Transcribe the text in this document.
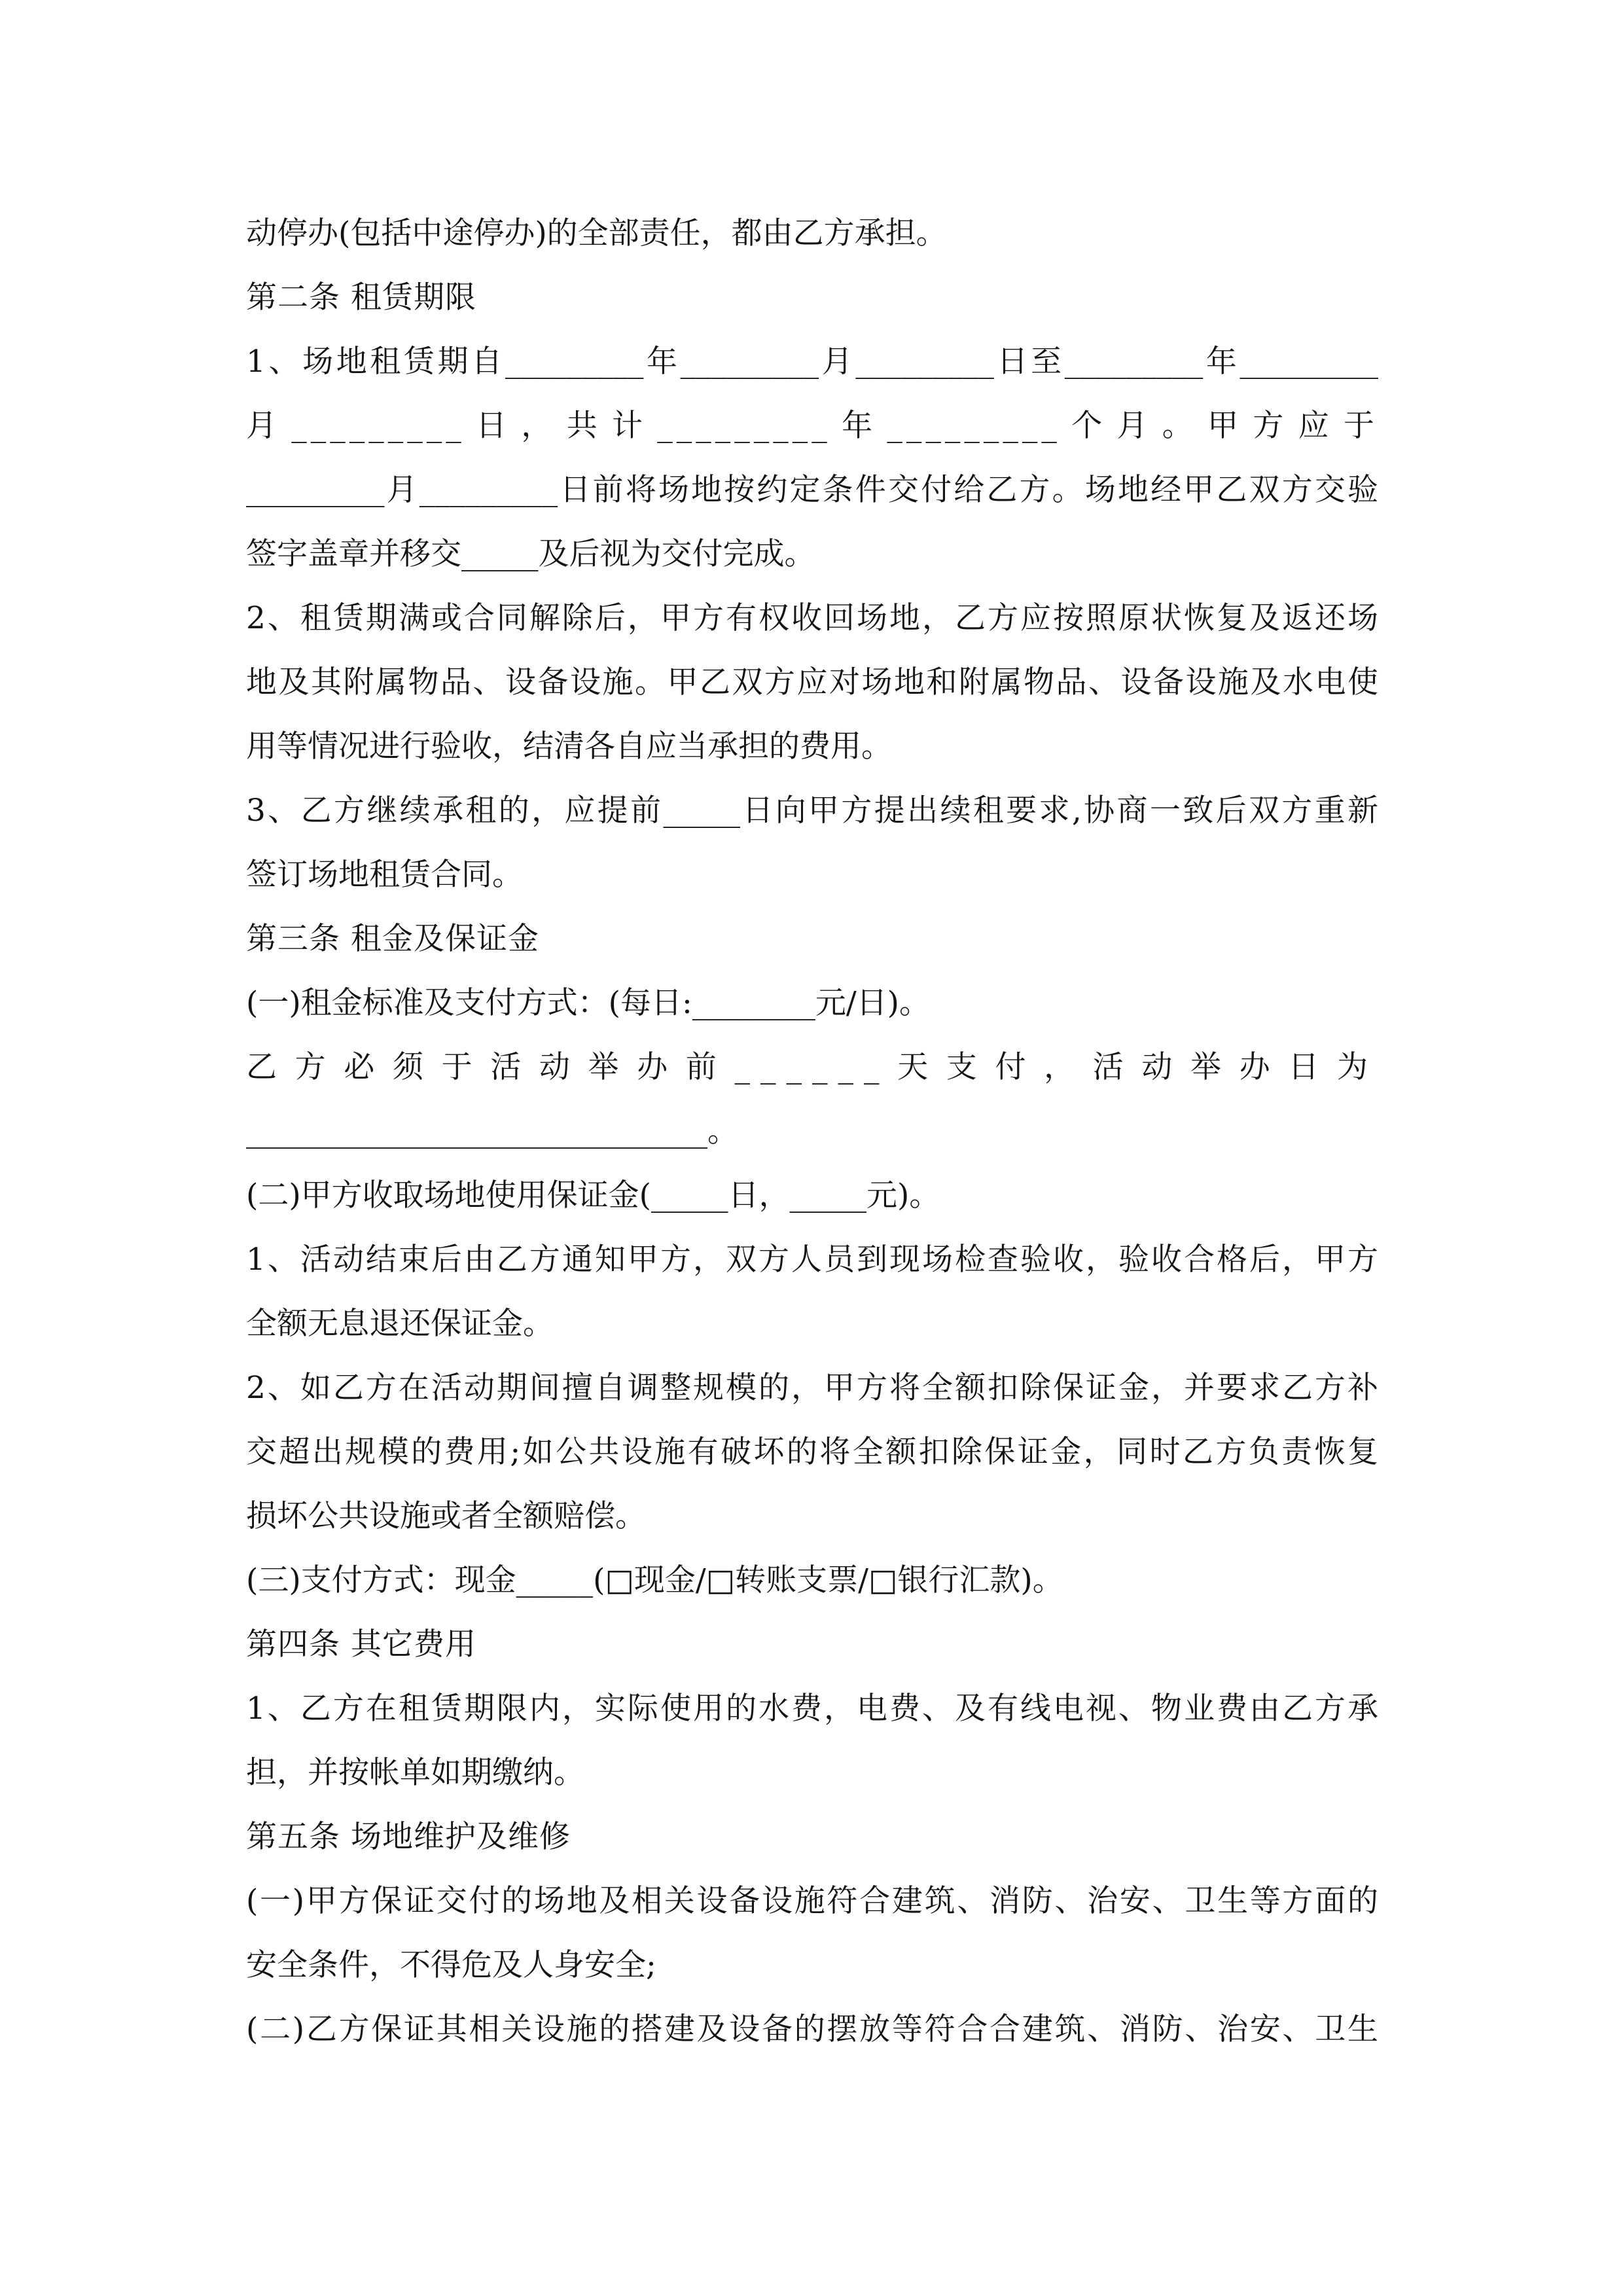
动停办(包括中途停办)的全部责任，都由乙方承担。
第二条 租赁期限
1、场地租赁期自_________年_________月_________日至_________年_________
月_________日，共计_________年_________个月。甲方应于
_________月_________日前将场地按约定条件交付给乙方。场地经甲乙双方交验
签字盖章并移交_____及后视为交付完成。
2、租赁期满或合同解除后，甲方有权收回场地，乙方应按照原状恢复及返还场
地及其附属物品、设备设施。甲乙双方应对场地和附属物品、设备设施及水电使
用等情况进行验收，结清各自应当承担的费用。
3、乙方继续承租的，应提前_____日向甲方提出续租要求,协商一致后双方重新
签订场地租赁合同。
第三条 租金及保证金
(一)租金标准及支付方式：(每日:________元/日)。
乙方必须于活动举办前______天支付，活动举办日为
______________________________。
(二)甲方收取场地使用保证金(_____日，_____元)。
1、活动结束后由乙方通知甲方，双方人员到现场检查验收，验收合格后，甲方
全额无息退还保证金。
2、如乙方在活动期间擅自调整规模的，甲方将全额扣除保证金，并要求乙方补
交超出规模的费用;如公共设施有破坏的将全额扣除保证金，同时乙方负责恢复
损坏公共设施或者全额赔偿。
(三)支付方式：现金_____(□现金/□转账支票/□银行汇款)。
第四条 其它费用
1、乙方在租赁期限内，实际使用的水费，电费、及有线电视、物业费由乙方承
担，并按帐单如期缴纳。
第五条 场地维护及维修
(一)甲方保证交付的场地及相关设备设施符合建筑、消防、治安、卫生等方面的
安全条件，不得危及人身安全;
(二)乙方保证其相关设施的搭建及设备的摆放等符合合建筑、消防、治安、卫生
